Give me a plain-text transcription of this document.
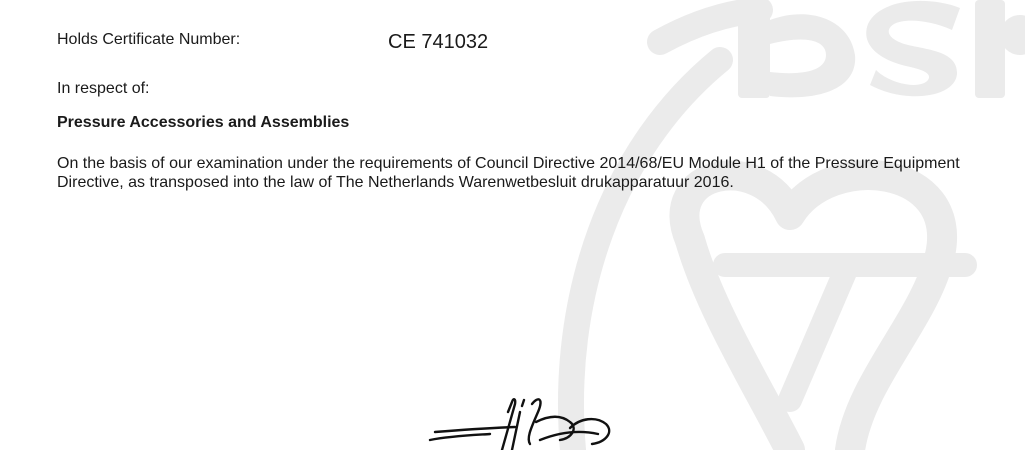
Holds Certificate Number:	CE 741032
In respect of:
Pressure Accessories and Assemblies
On the basis of our examination under the requirements of Council Directive 2014/68/EU Module H1 of the Pressure Equipment Directive, as transposed into the law of The Netherlands Warenwetbesluit drukapparatuur 2016.
